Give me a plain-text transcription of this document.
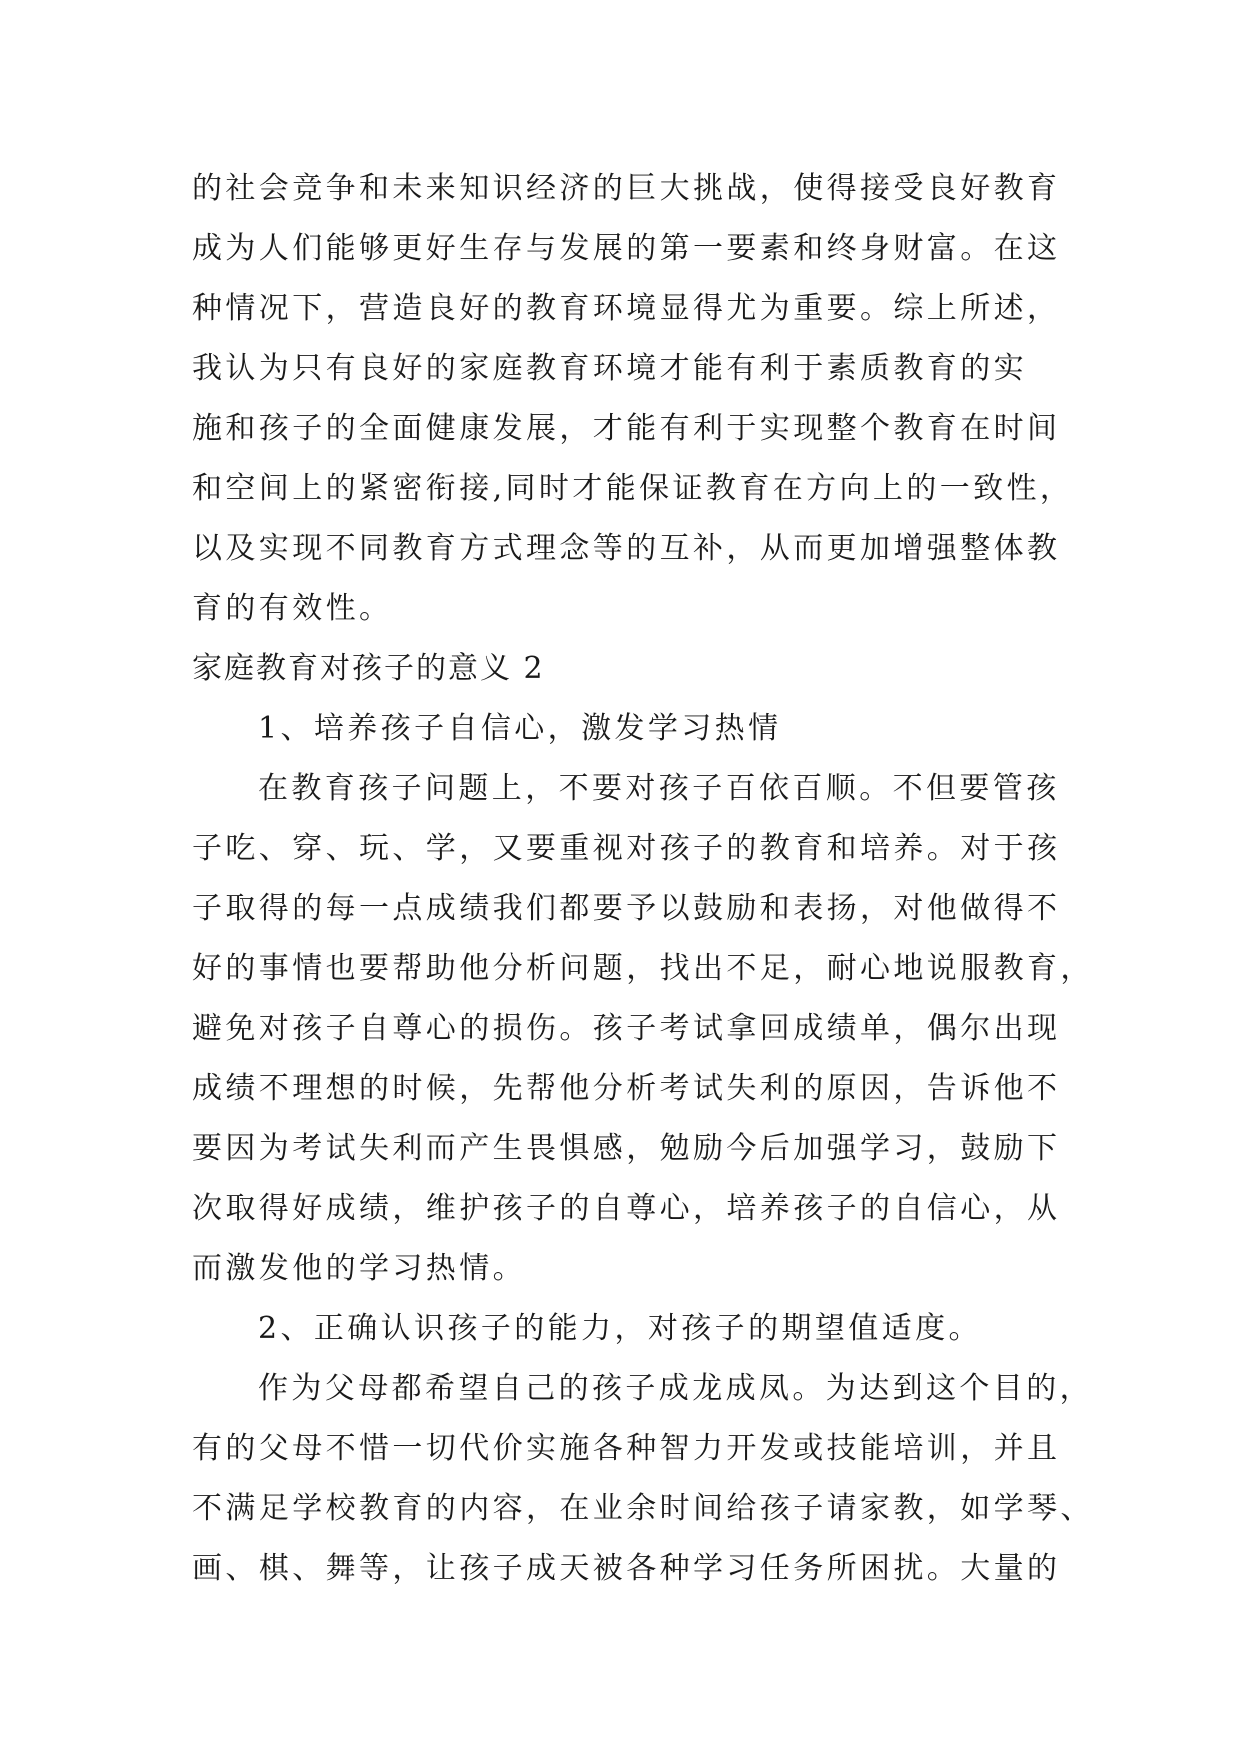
的社会竞争和未来知识经济的巨大挑战，使得接受良好教育
成为人们能够更好生存与发展的第一要素和终身财富。在这
种情况下，营造良好的教育环境显得尤为重要。综上所述，
我认为只有良好的家庭教育环境才能有利于素质教育的实
施和孩子的全面健康发展，才能有利于实现整个教育在时间
和空间上的紧密衔接,同时才能保证教育在方向上的一致性，
以及实现不同教育方式理念等的互补，从而更加增强整体教
育的有效性。
家庭教育对孩子的意义 2
1、培养孩子自信心，激发学习热情
在教育孩子问题上，不要对孩子百依百顺。不但要管孩
子吃、穿、玩、学，又要重视对孩子的教育和培养。对于孩
子取得的每一点成绩我们都要予以鼓励和表扬，对他做得不
好的事情也要帮助他分析问题，找出不足，耐心地说服教育，
避免对孩子自尊心的损伤。孩子考试拿回成绩单，偶尔出现
成绩不理想的时候，先帮他分析考试失利的原因，告诉他不
要因为考试失利而产生畏惧感，勉励今后加强学习，鼓励下
次取得好成绩，维护孩子的自尊心，培养孩子的自信心，从
而激发他的学习热情。
2、正确认识孩子的能力，对孩子的期望值适度。
作为父母都希望自己的孩子成龙成凤。为达到这个目的，
有的父母不惜一切代价实施各种智力开发或技能培训，并且
不满足学校教育的内容，在业余时间给孩子请家教，如学琴、
画、棋、舞等，让孩子成天被各种学习任务所困扰。大量的
